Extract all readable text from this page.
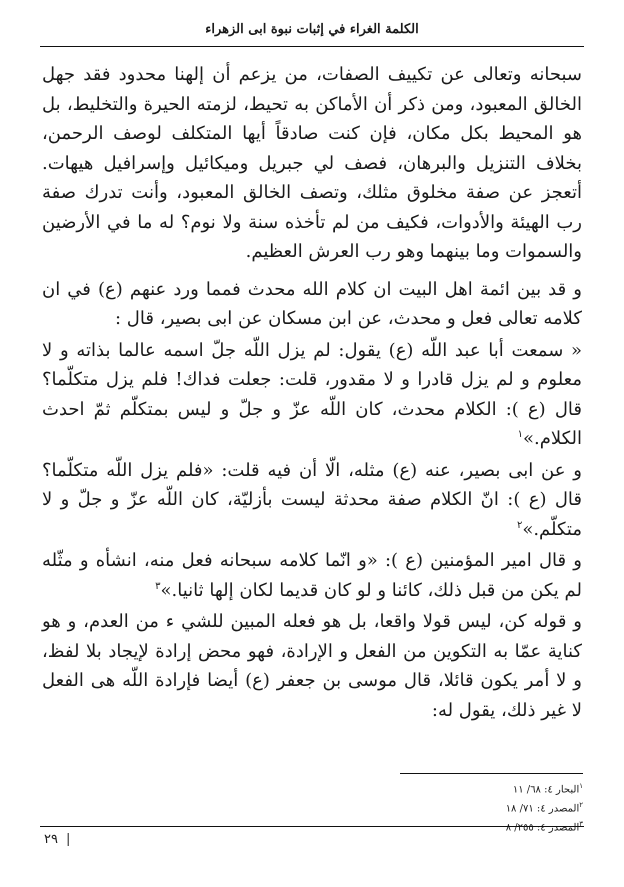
الكلمة الغراء في إثبات نبوة ابى الزهراء

سبحانه وتعالى عن تكييف الصفات، من يزعم أن إلهنا محدود فقد جهل الخالق المعبود، ومن ذكر أن الأماكن به تحيط، لزمته الحيرة والتخليط، بل هو المحيط بكل مكان، فإن كنت صادقاً أيها المتكلف لوصف الرحمن، بخلاف التنزيل والبرهان، فصف لي جبريل وميكائيل وإسرافيل هيهات. أتعجز عن صفة مخلوق مثلك، وتصف الخالق المعبود، وأنت تدرك صفة رب الهيئة والأدوات، فكيف من لم تأخذه سنة ولا نوم؟ له ما في الأرضين والسموات وما بينهما وهو رب العرش العظيم.

و قد بين ائمة اهل البيت ان كلام الله محدث فمما ورد عنهم (ع) في ان كلامه تعالى فعل و محدث، عن ابن مسكان عن ابى بصير، قال :

« سمعت أبا عبد اللّه (ع) يقول: لم يزل اللّه جلّ اسمه عالما بذاته و لا معلوم و لم يزل قادرا و لا مقدور، قلت: جعلت فداك! فلم يزل متكلّما؟ قال (ع ): الكلام محدث، كان اللّه عزّ و جلّ و ليس بمتكلّم ثمّ احدث الكلام.»$^١$

و عن ابى بصير، عنه (ع) مثله، الّا أن فيه قلت: «فلم يزل اللّه متكلّما؟ قال (ع ): انّ الكلام صفة محدثة ليست بأزليّة، كان اللّه عزّ و جلّ و لا متكلّم.»$^٢$

و قال امير المؤمنين (ع ): «و انّما كلامه سبحانه فعل منه، انشأه و مثّله لم يكن من قبل ذلك، كائنا و لو كان قديما لكان إلها ثانيا.»$^٣$

و قوله كن، ليس قولا واقعا، بل هو فعله المبين للشي ء من العدم، و هو كناية عمّا به التكوين من الفعل و الإرادة، فهو محض إرادة لإيجاد بلا لفظ، و لا أمر يكون قائلا، قال موسى بن جعفر (ع) أيضا فإرادة اللّه هى الفعل لا غير ذلك، يقول له:

$^١$البحار ٤: ٦٨/ ١١
$^٢$المصدر ٤: ٧١/ ١٨
$^٣$المصدر ٤: ٢٥٥/ ٨
٢٩ |
